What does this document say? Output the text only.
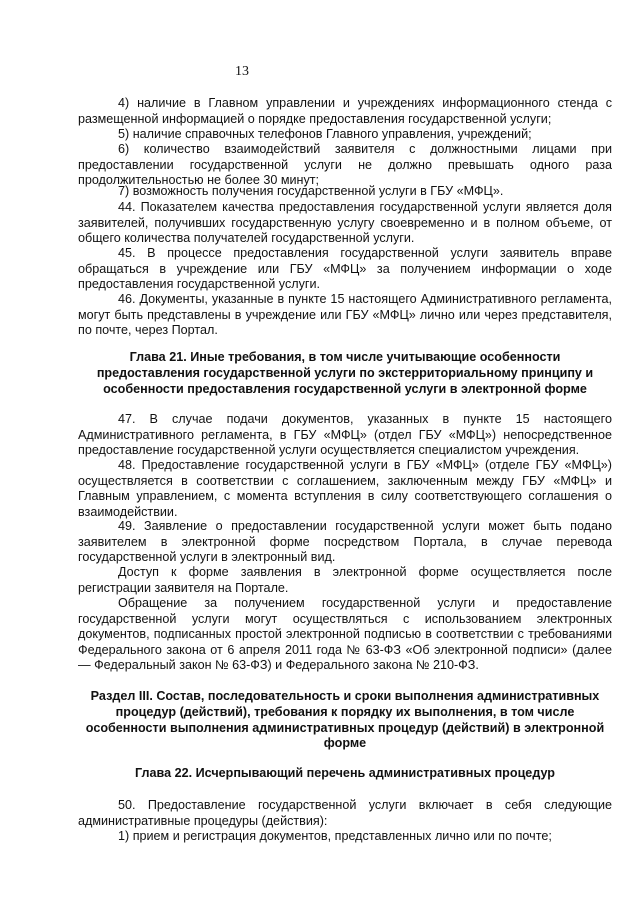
13

4) наличие в Главном управлении и учреждениях информационного стенда с размещенной информацией о порядке предоставления государственной услуги;

5) наличие справочных телефонов Главного управления, учреждений;

6) количество взаимодействий заявителя с должностными лицами при предоставлении государственной услуги не должно превышать одного раза продолжительностью не более 30 минут;

7) возможность получения государственной услуги в ГБУ «МФЦ».

44. Показателем качества предоставления государственной услуги является доля заявителей, получивших государственную услугу своевременно и в полном объеме, от общего количества получателей государственной услуги.

45. В процессе предоставления государственной услуги заявитель вправе обращаться в учреждение или ГБУ «МФЦ» за получением информации о ходе предоставления государственной услуги.

46. Документы, указанные в пункте 15 настоящего Административного регламента, могут быть представлены в учреждение или ГБУ «МФЦ» лично или через представителя, по почте, через Портал.

Глава 21. Иные требования, в том числе учитывающие особенности предоставления государственной услуги по экстерриториальному принципу и особенности предоставления государственной услуги в электронной форме

47. В случае подачи документов, указанных в пункте 15 настоящего Административного регламента, в ГБУ «МФЦ» (отдел ГБУ «МФЦ») непосредственное предоставление государственной услуги осуществляется специалистом учреждения.

48. Предоставление государственной услуги в ГБУ «МФЦ» (отделе ГБУ «МФЦ») осуществляется в соответствии с соглашением, заключенным между ГБУ «МФЦ» и Главным управлением, с момента вступления в силу соответствующего соглашения о взаимодействии.

49. Заявление о предоставлении государственной услуги может быть подано заявителем в электронной форме посредством Портала, в случае перевода государственной услуги в электронный вид.

Доступ к форме заявления в электронной форме осуществляется после регистрации заявителя на Портале.

Обращение за получением государственной услуги и предоставление государственной услуги могут осуществляться с использованием электронных документов, подписанных простой электронной подписью в соответствии с требованиями Федерального закона от 6 апреля 2011 года № 63-ФЗ «Об электронной подписи» (далее — Федеральный закон № 63-ФЗ) и Федерального закона № 210-ФЗ.

Раздел III. Состав, последовательность и сроки выполнения административных процедур (действий), требования к порядку их выполнения, в том числе особенности выполнения административных процедур (действий) в электронной форме

Глава 22. Исчерпывающий перечень административных процедур

50. Предоставление государственной услуги включает в себя следующие административные процедуры (действия):

1) прием и регистрация документов, представленных лично или по почте;
